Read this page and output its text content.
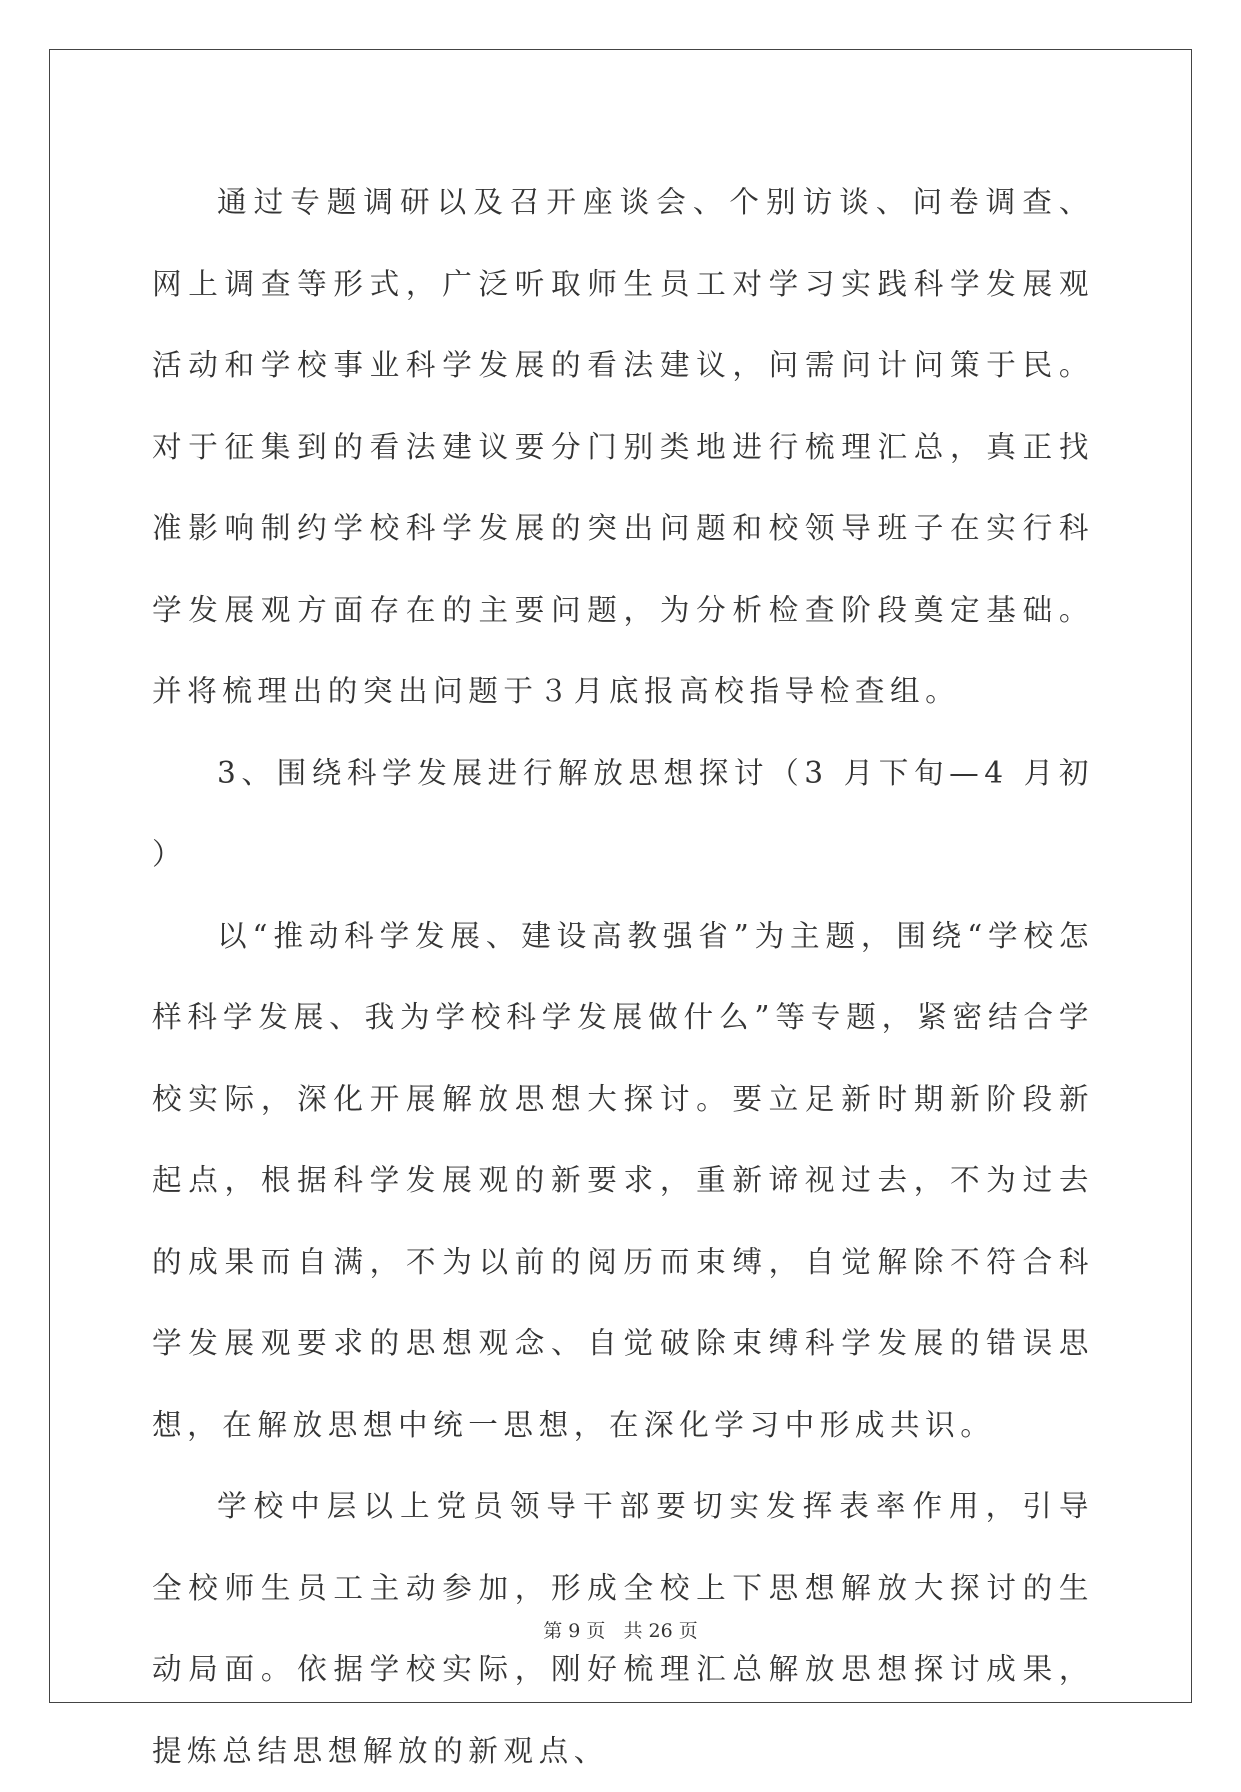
通过专题调研以及召开座谈会、个别访谈、问卷调查、网上调查等形式，广泛听取师生员工对学习实践科学发展观活动和学校事业科学发展的看法建议，问需问计问策于民。对于征集到的看法建议要分门别类地进行梳理汇总，真正找准影响制约学校科学发展的突出问题和校领导班子在实行科学发展观方面存在的主要问题，为分析检查阶段奠定基础。并将梳理出的突出问题于３月底报高校指导检查组。

3、围绕科学发展进行解放思想探讨（3 月下旬—4 月初）

以“推动科学发展、建设高教强省”为主题，围绕“学校怎样科学发展、我为学校科学发展做什么”等专题，紧密结合学校实际，深化开展解放思想大探讨。要立足新时期新阶段新起点，根据科学发展观的新要求，重新谛视过去，不为过去的成果而自满，不为以前的阅历而束缚，自觉解除不符合科学发展观要求的思想观念、自觉破除束缚科学发展的错误思想，在解放思想中统一思想，在深化学习中形成共识。

学校中层以上党员领导干部要切实发挥表率作用，引导全校师生员工主动参加，形成全校上下思想解放大探讨的生动局面。依据学校实际，刚好梳理汇总解放思想探讨成果，提炼总结思想解放的新观点、

第 9 页 共 26 页
